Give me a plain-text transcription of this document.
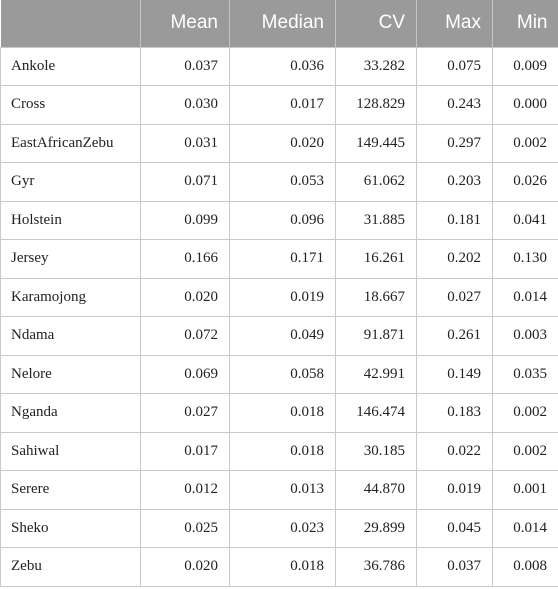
	Mean	Median	CV	Max	Min
Ankole	0.037	0.036	33.282	0.075	0.009
Cross	0.030	0.017	128.829	0.243	0.000
EastAfricanZebu	0.031	0.020	149.445	0.297	0.002
Gyr	0.071	0.053	61.062	0.203	0.026
Holstein	0.099	0.096	31.885	0.181	0.041
Jersey	0.166	0.171	16.261	0.202	0.130
Karamojong	0.020	0.019	18.667	0.027	0.014
Ndama	0.072	0.049	91.871	0.261	0.003
Nelore	0.069	0.058	42.991	0.149	0.035
Nganda	0.027	0.018	146.474	0.183	0.002
Sahiwal	0.017	0.018	30.185	0.022	0.002
Serere	0.012	0.013	44.870	0.019	0.001
Sheko	0.025	0.023	29.899	0.045	0.014
Zebu	0.020	0.018	36.786	0.037	0.008
